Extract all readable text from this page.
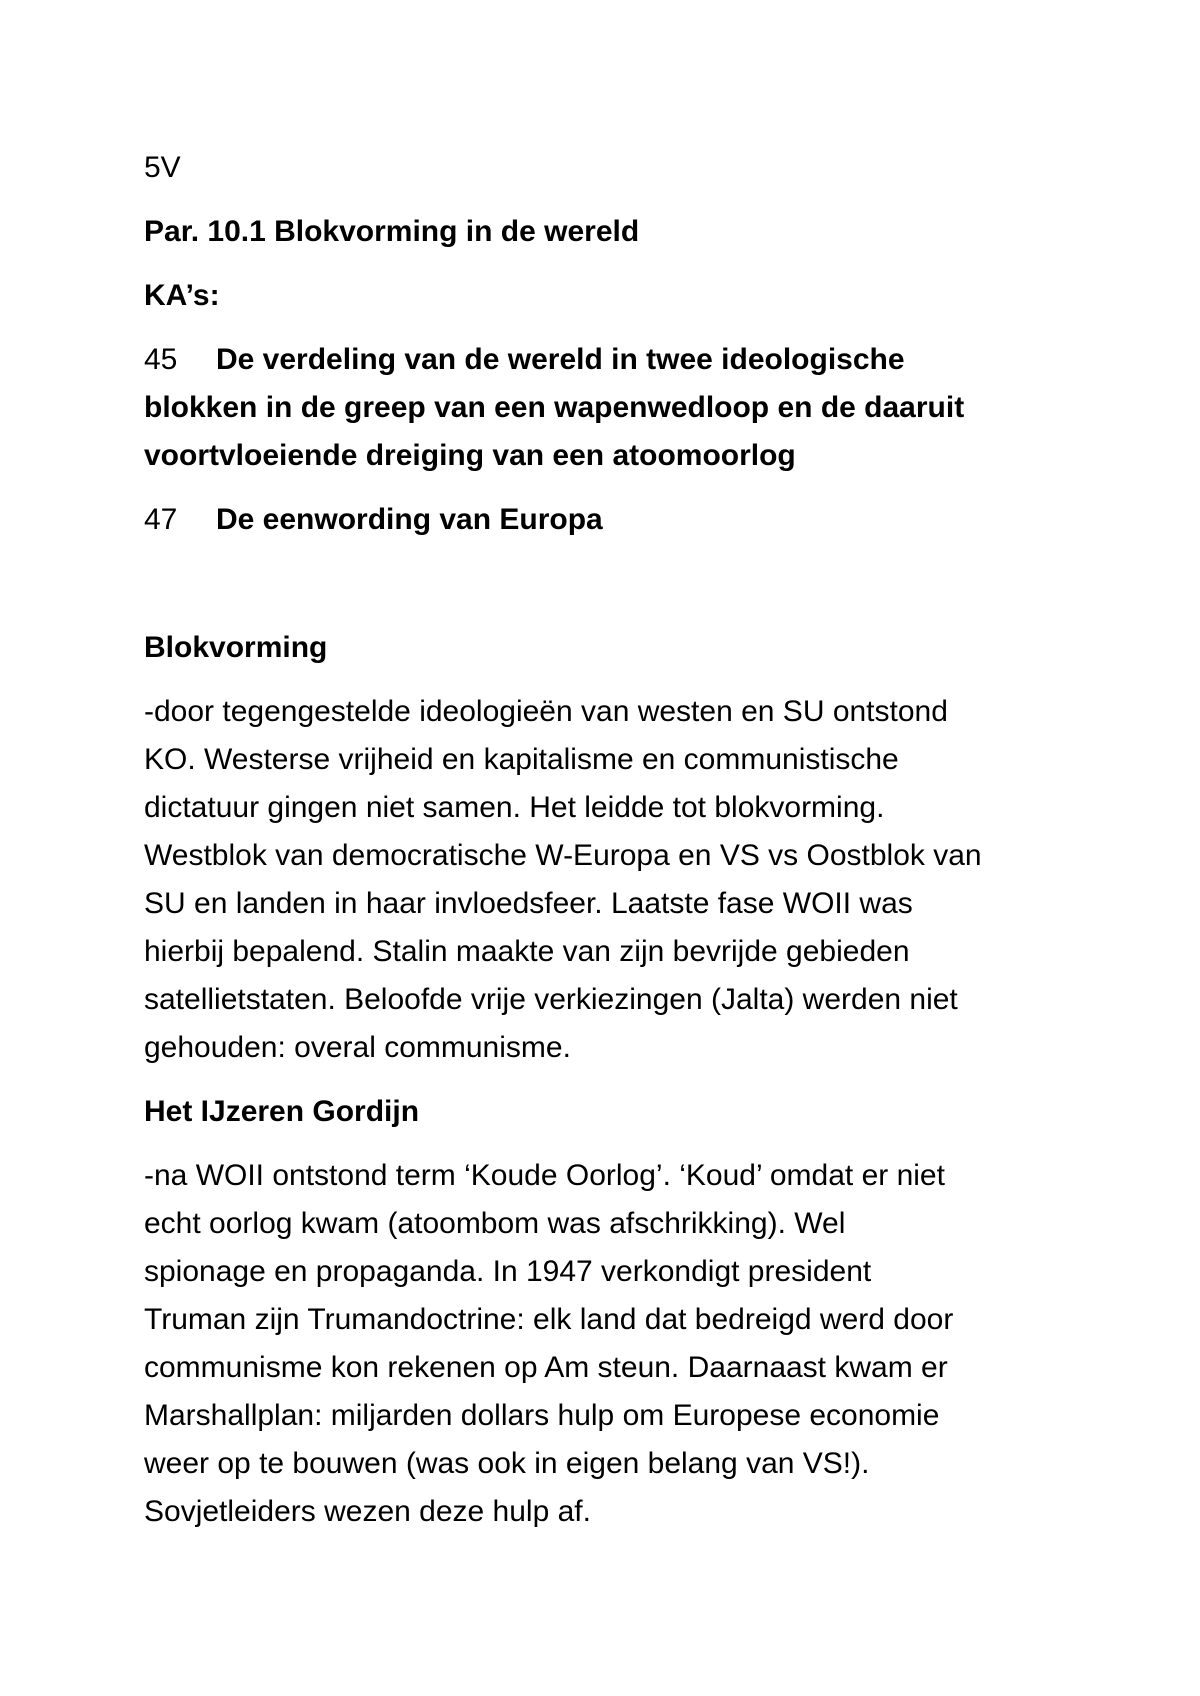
5V

Par. 10.1 Blokvorming in de wereld

KA’s:

45 De verdeling van de wereld in twee ideologische

blokken in de greep van een wapenwedloop en de daaruit

voortvloeiende dreiging van een atoomoorlog

47 De eenwording van Europa

Blokvorming

-door tegengestelde ideologieën van westen en SU ontstond

KO. Westerse vrijheid en kapitalisme en communistische

dictatuur gingen niet samen. Het leidde tot blokvorming.

Westblok van democratische W-Europa en VS vs Oostblok van

SU en landen in haar invloedsfeer. Laatste fase WOII was

hierbij bepalend. Stalin maakte van zijn bevrijde gebieden

satellietstaten. Beloofde vrije verkiezingen (Jalta) werden niet

gehouden: overal communisme.

Het IJzeren Gordijn

-na WOII ontstond term ‘Koude Oorlog’. ‘Koud’ omdat er niet

echt oorlog kwam (atoombom was afschrikking). Wel

spionage en propaganda. In 1947 verkondigt president

Truman zijn Trumandoctrine: elk land dat bedreigd werd door

communisme kon rekenen op Am steun. Daarnaast kwam er

Marshallplan: miljarden dollars hulp om Europese economie

weer op te bouwen (was ook in eigen belang van VS!).

Sovjetleiders wezen deze hulp af.
